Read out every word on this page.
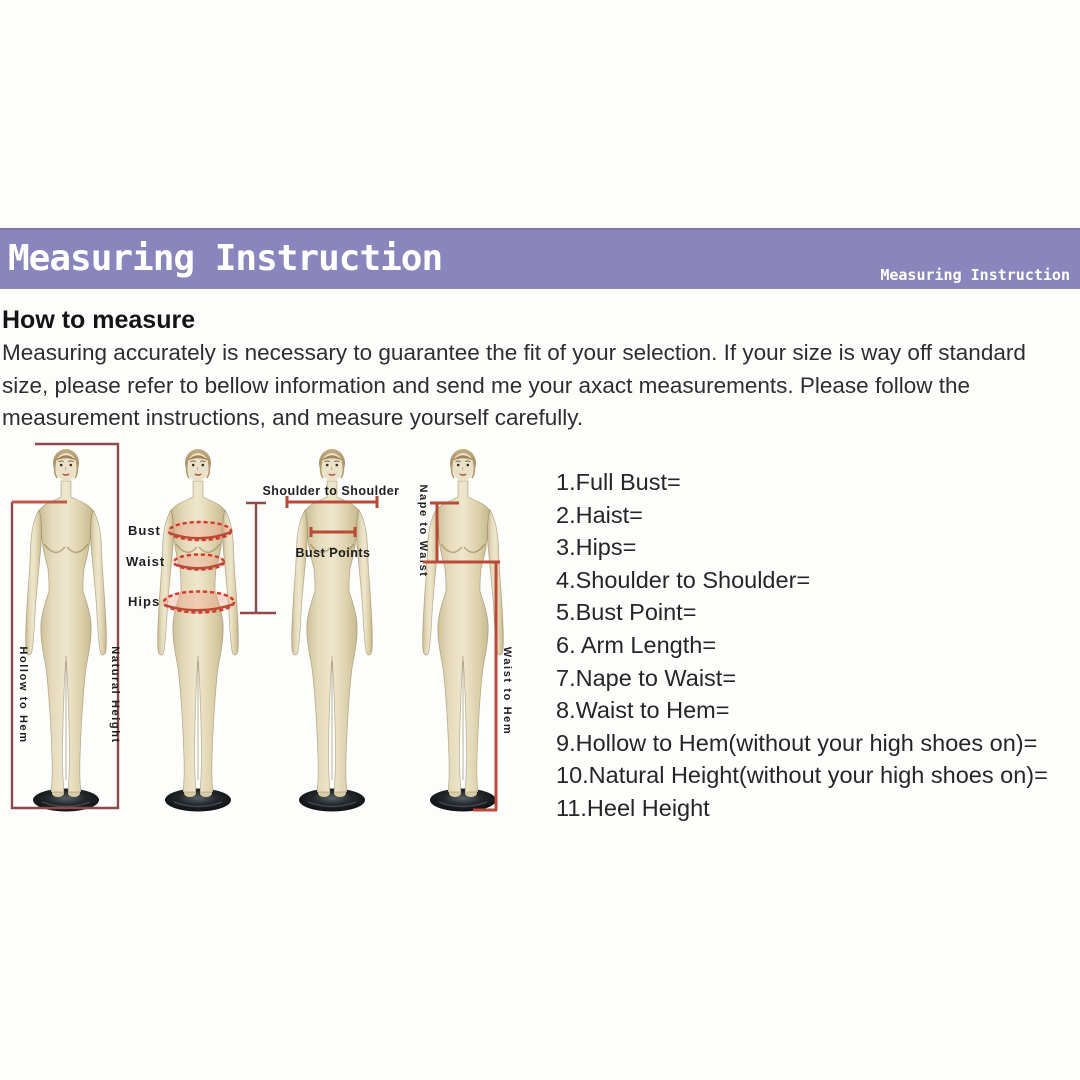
Measuring Instruction	Measuring Instruction
How to measure
Measuring accurately is necessary to guarantee the fit of your selection. If your size is way off standard size, please refer to bellow information and send me your axact measurements. Please follow the measurement instructions, and measure yourself carefully.
Hollow to Hem	Natural Height
Bust
Waist
Hips
Shoulder to Shoulder
Bust Points	Nape to Waist
Waist to Hem
1.Full Bust=
2.Haist=
3.Hips=
4.Shoulder to Shoulder=
5.Bust Point=
6. Arm Length=
7.Nape to Waist=
8.Waist to Hem=
9.Hollow to Hem(without your high shoes on)=
10.Natural Height(without your high shoes on)=
11.Heel Height
